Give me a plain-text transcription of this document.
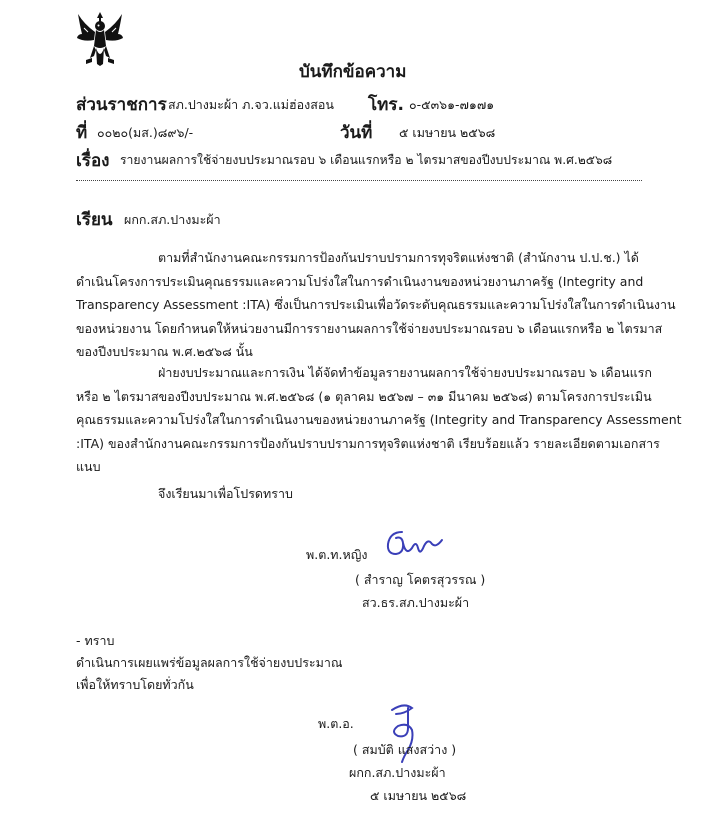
บันทึกข้อความ
ส่วนราชการ สภ.ปางมะผ้า ภ.จว.แม่ฮ่องสอน โทร. ๐-๕๓๖๑-๗๑๗๑
ที่ ๐๐๒๐(มส.)๘๙๖/-	วันที่ ๕ เมษายน ๒๕๖๘
เรื่อง รายงานผลการใช้จ่ายงบประมาณรอบ ๖ เดือนแรกหรือ ๒ ไตรมาสของปีงบประมาณ พ.ศ.๒๕๖๘
เรียน ผกก.สภ.ปางมะผ้า
ตามที่สำนักงานคณะกรรมการป้องกันปราบปรามการทุจริตแห่งชาติ (สำนักงาน ป.ป.ช.) ได้
ดำเนินโครงการประเมินคุณธรรมและความโปร่งใสในการดำเนินงานของหน่วยงานภาครัฐ (Integrity and
Transparency Assessment :ITA) ซึ่งเป็นการประเมินเพื่อวัดระดับคุณธรรมและความโปร่งใสในการดำเนินงาน
ของหน่วยงาน โดยกำหนดให้หน่วยงานมีการรายงานผลการใช้จ่ายงบประมาณรอบ ๖ เดือนแรกหรือ ๒ ไตรมาส
ของปีงบประมาณ พ.ศ.๒๕๖๘ นั้น
ฝ่ายงบประมาณและการเงิน ได้จัดทำข้อมูลรายงานผลการใช้จ่ายงบประมาณรอบ ๖ เดือนแรก
หรือ ๒ ไตรมาสของปีงบประมาณ พ.ศ.๒๕๖๘ (๑ ตุลาคม ๒๕๖๗ – ๓๑ มีนาคม ๒๕๖๘) ตามโครงการประเมิน
คุณธรรมและความโปร่งใสในการดำเนินงานของหน่วยงานภาครัฐ (Integrity and Transparency Assessment
:ITA) ของสำนักงานคณะกรรมการป้องกันปราบปรามการทุจริตแห่งชาติ เรียบร้อยแล้ว รายละเอียดตามเอกสาร
แนบ
จึงเรียนมาเพื่อโปรดทราบ
พ.ต.ท.หญิง
( สำราญ โคตรสุวรรณ )
สว.ธร.สภ.ปางมะผ้า
- ทราบ
ดำเนินการเผยแพร่ข้อมูลผลการใช้จ่ายงบประมาณ
เพื่อให้ทราบโดยทั่วกัน
พ.ต.อ.
( สมบัติ แสงสว่าง )
ผกก.สภ.ปางมะผ้า
๕ เมษายน ๒๕๖๘
